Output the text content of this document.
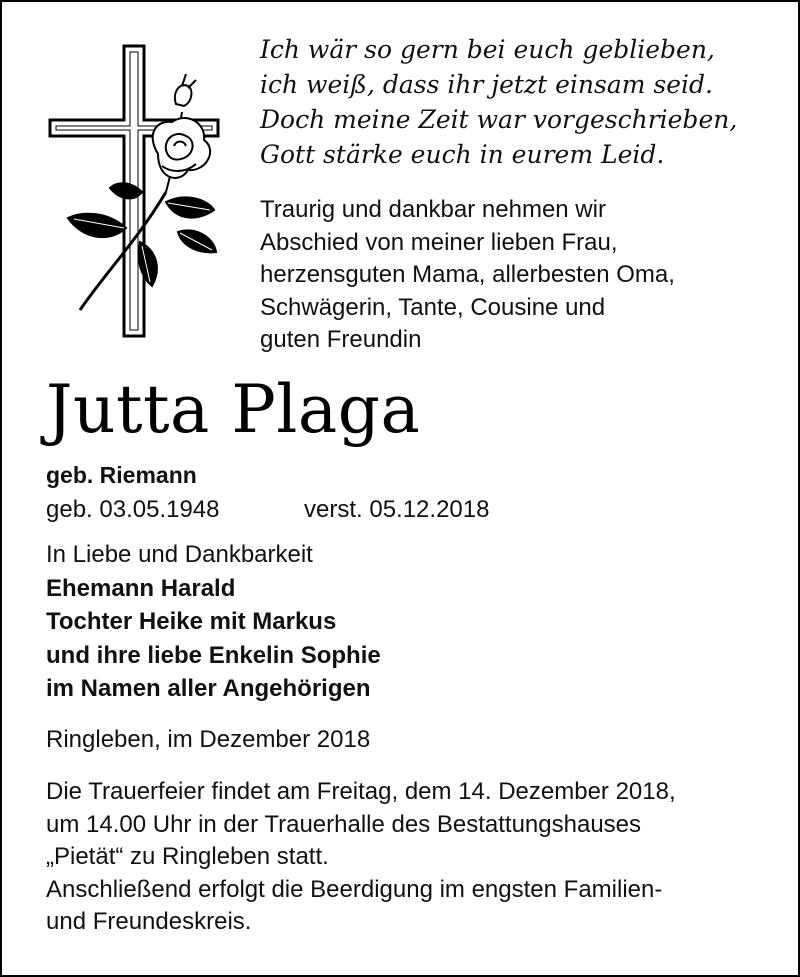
Ich wär so gern bei euch geblieben,
ich weiß, dass ihr jetzt einsam seid.
Doch meine Zeit war vorgeschrieben,
Gott stärke euch in eurem Leid.
Traurig und dankbar nehmen wir
Abschied von meiner lieben Frau,
herzensguten Mama, allerbesten Oma,
Schwägerin, Tante, Cousine und
guten Freundin
Jutta Plaga
geb. Riemann
geb. 03.05.1948	verst. 05.12.2018
In Liebe und Dankbarkeit
Ehemann Harald
Tochter Heike mit Markus
und ihre liebe Enkelin Sophie
im Namen aller Angehörigen
Ringleben, im Dezember 2018
Die Trauerfeier findet am Freitag, dem 14. Dezember 2018,
um 14.00 Uhr in der Trauerhalle des Bestattungshauses
„Pietät“ zu Ringleben statt.
Anschließend erfolgt die Beerdigung im engsten Familien-
und Freundeskreis.
